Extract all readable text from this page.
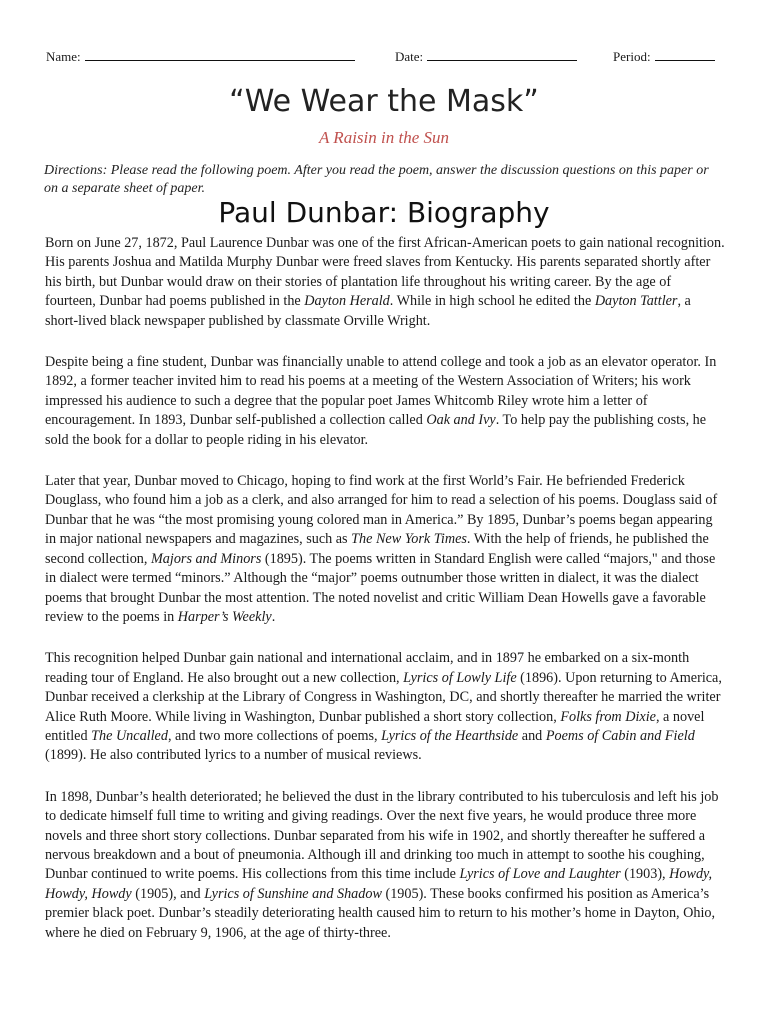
Name:	Date:	Period:
“We Wear the Mask”
A Raisin in the Sun
Directions: Please read the following poem. After you read the poem, answer the discussion questions on this paper or on a separate sheet of paper.
Paul Dunbar: Biography

Born on June 27, 1872, Paul Laurence Dunbar was one of the first African-American poets to gain national recognition. His parents Joshua and Matilda Murphy Dunbar were freed slaves from Kentucky. His parents separated shortly after his birth, but Dunbar would draw on their stories of plantation life throughout his writing career. By the age of fourteen, Dunbar had poems published in the Dayton Herald. While in high school he edited the Dayton Tattler, a short-lived black newspaper published by classmate Orville Wright.

Despite being a fine student, Dunbar was financially unable to attend college and took a job as an elevator operator. In 1892, a former teacher invited him to read his poems at a meeting of the Western Association of Writers; his work impressed his audience to such a degree that the popular poet James Whitcomb Riley wrote him a letter of encouragement. In 1893, Dunbar self-published a collection called Oak and Ivy. To help pay the publishing costs, he sold the book for a dollar to people riding in his elevator.

Later that year, Dunbar moved to Chicago, hoping to find work at the first World’s Fair. He befriended Frederick Douglass, who found him a job as a clerk, and also arranged for him to read a selection of his poems. Douglass said of Dunbar that he was “the most promising young colored man in America.” By 1895, Dunbar’s poems began appearing in major national newspapers and magazines, such as The New York Times. With the help of friends, he published the second collection, Majors and Minors (1895). The poems written in Standard English were called “majors," and those in dialect were termed “minors.” Although the “major” poems outnumber those written in dialect, it was the dialect poems that brought Dunbar the most attention. The noted novelist and critic William Dean Howells gave a favorable review to the poems in Harper’s Weekly.

This recognition helped Dunbar gain national and international acclaim, and in 1897 he embarked on a six-month reading tour of England. He also brought out a new collection, Lyrics of Lowly Life (1896). Upon returning to America, Dunbar received a clerkship at the Library of Congress in Washington, DC, and shortly thereafter he married the writer Alice Ruth Moore. While living in Washington, Dunbar published a short story collection, Folks from Dixie, a novel entitled The Uncalled, and two more collections of poems, Lyrics of the Hearthside and Poems of Cabin and Field (1899). He also contributed lyrics to a number of musical reviews.

In 1898, Dunbar’s health deteriorated; he believed the dust in the library contributed to his tuberculosis and left his job to dedicate himself full time to writing and giving readings. Over the next five years, he would produce three more novels and three short story collections. Dunbar separated from his wife in 1902, and shortly thereafter he suffered a nervous breakdown and a bout of pneumonia. Although ill and drinking too much in attempt to soothe his coughing, Dunbar continued to write poems. His collections from this time include Lyrics of Love and Laughter (1903), Howdy, Howdy, Howdy (1905), and Lyrics of Sunshine and Shadow (1905). These books confirmed his position as America’s premier black poet. Dunbar’s steadily deteriorating health caused him to return to his mother’s home in Dayton, Ohio, where he died on February 9, 1906, at the age of thirty-three.
